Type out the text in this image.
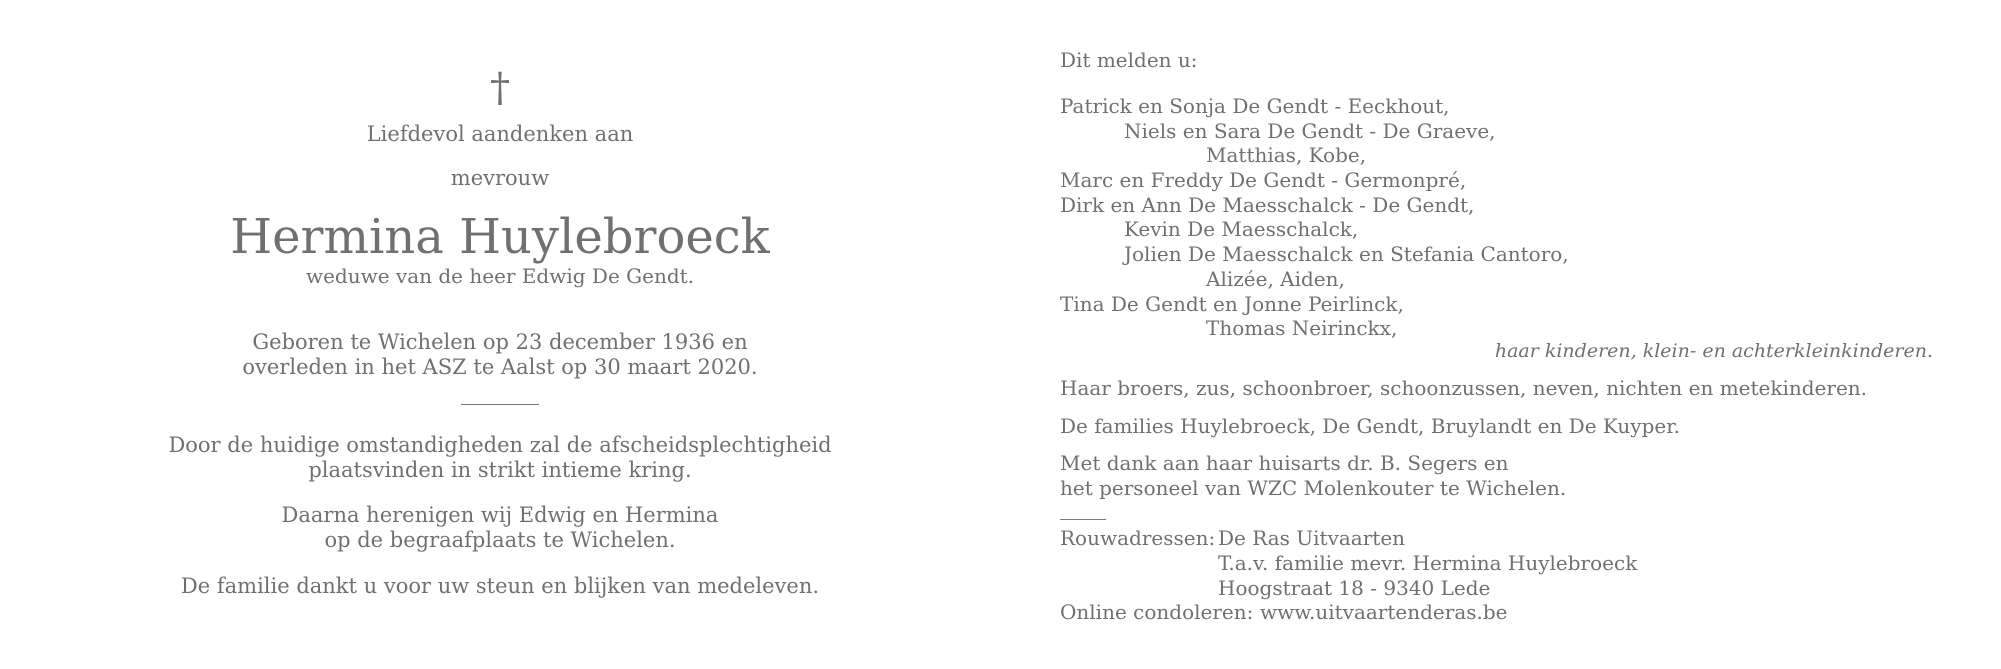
†
Liefdevol aandenken aan
mevrouw
Hermina Huylebroeck
weduwe van de heer Edwig De Gendt.
Geboren te Wichelen op 23 december 1936 en
overleden in het ASZ te Aalst op 30 maart 2020.
Door de huidige omstandigheden zal de afscheidsplechtigheid
plaatsvinden in strikt intieme kring.
Daarna herenigen wij Edwig en Hermina
op de begraafplaats te Wichelen.
De familie dankt u voor uw steun en blijken van medeleven.
Dit melden u:
Patrick en Sonja De Gendt - Eeckhout,
Niels en Sara De Gendt - De Graeve,
Matthias, Kobe,
Marc en Freddy De Gendt - Germonpré,
Dirk en Ann De Maesschalck - De Gendt,
Kevin De Maesschalck,
Jolien De Maesschalck en Stefania Cantoro,
Alizée, Aiden,
Tina De Gendt en Jonne Peirlinck,
Thomas Neirinckx,
haar kinderen, klein- en achterkleinkinderen.
Haar broers, zus, schoonbroer, schoonzussen, neven, nichten en metekinderen.
De families Huylebroeck, De Gendt, Bruylandt en De Kuyper.
Met dank aan haar huisarts dr. B. Segers en
het personeel van WZC Molenkouter te Wichelen.
Rouwadressen: De Ras Uitvaarten
T.a.v. familie mevr. Hermina Huylebroeck
Hoogstraat 18 - 9340 Lede
Online condoleren: www.uitvaartenderas.be
